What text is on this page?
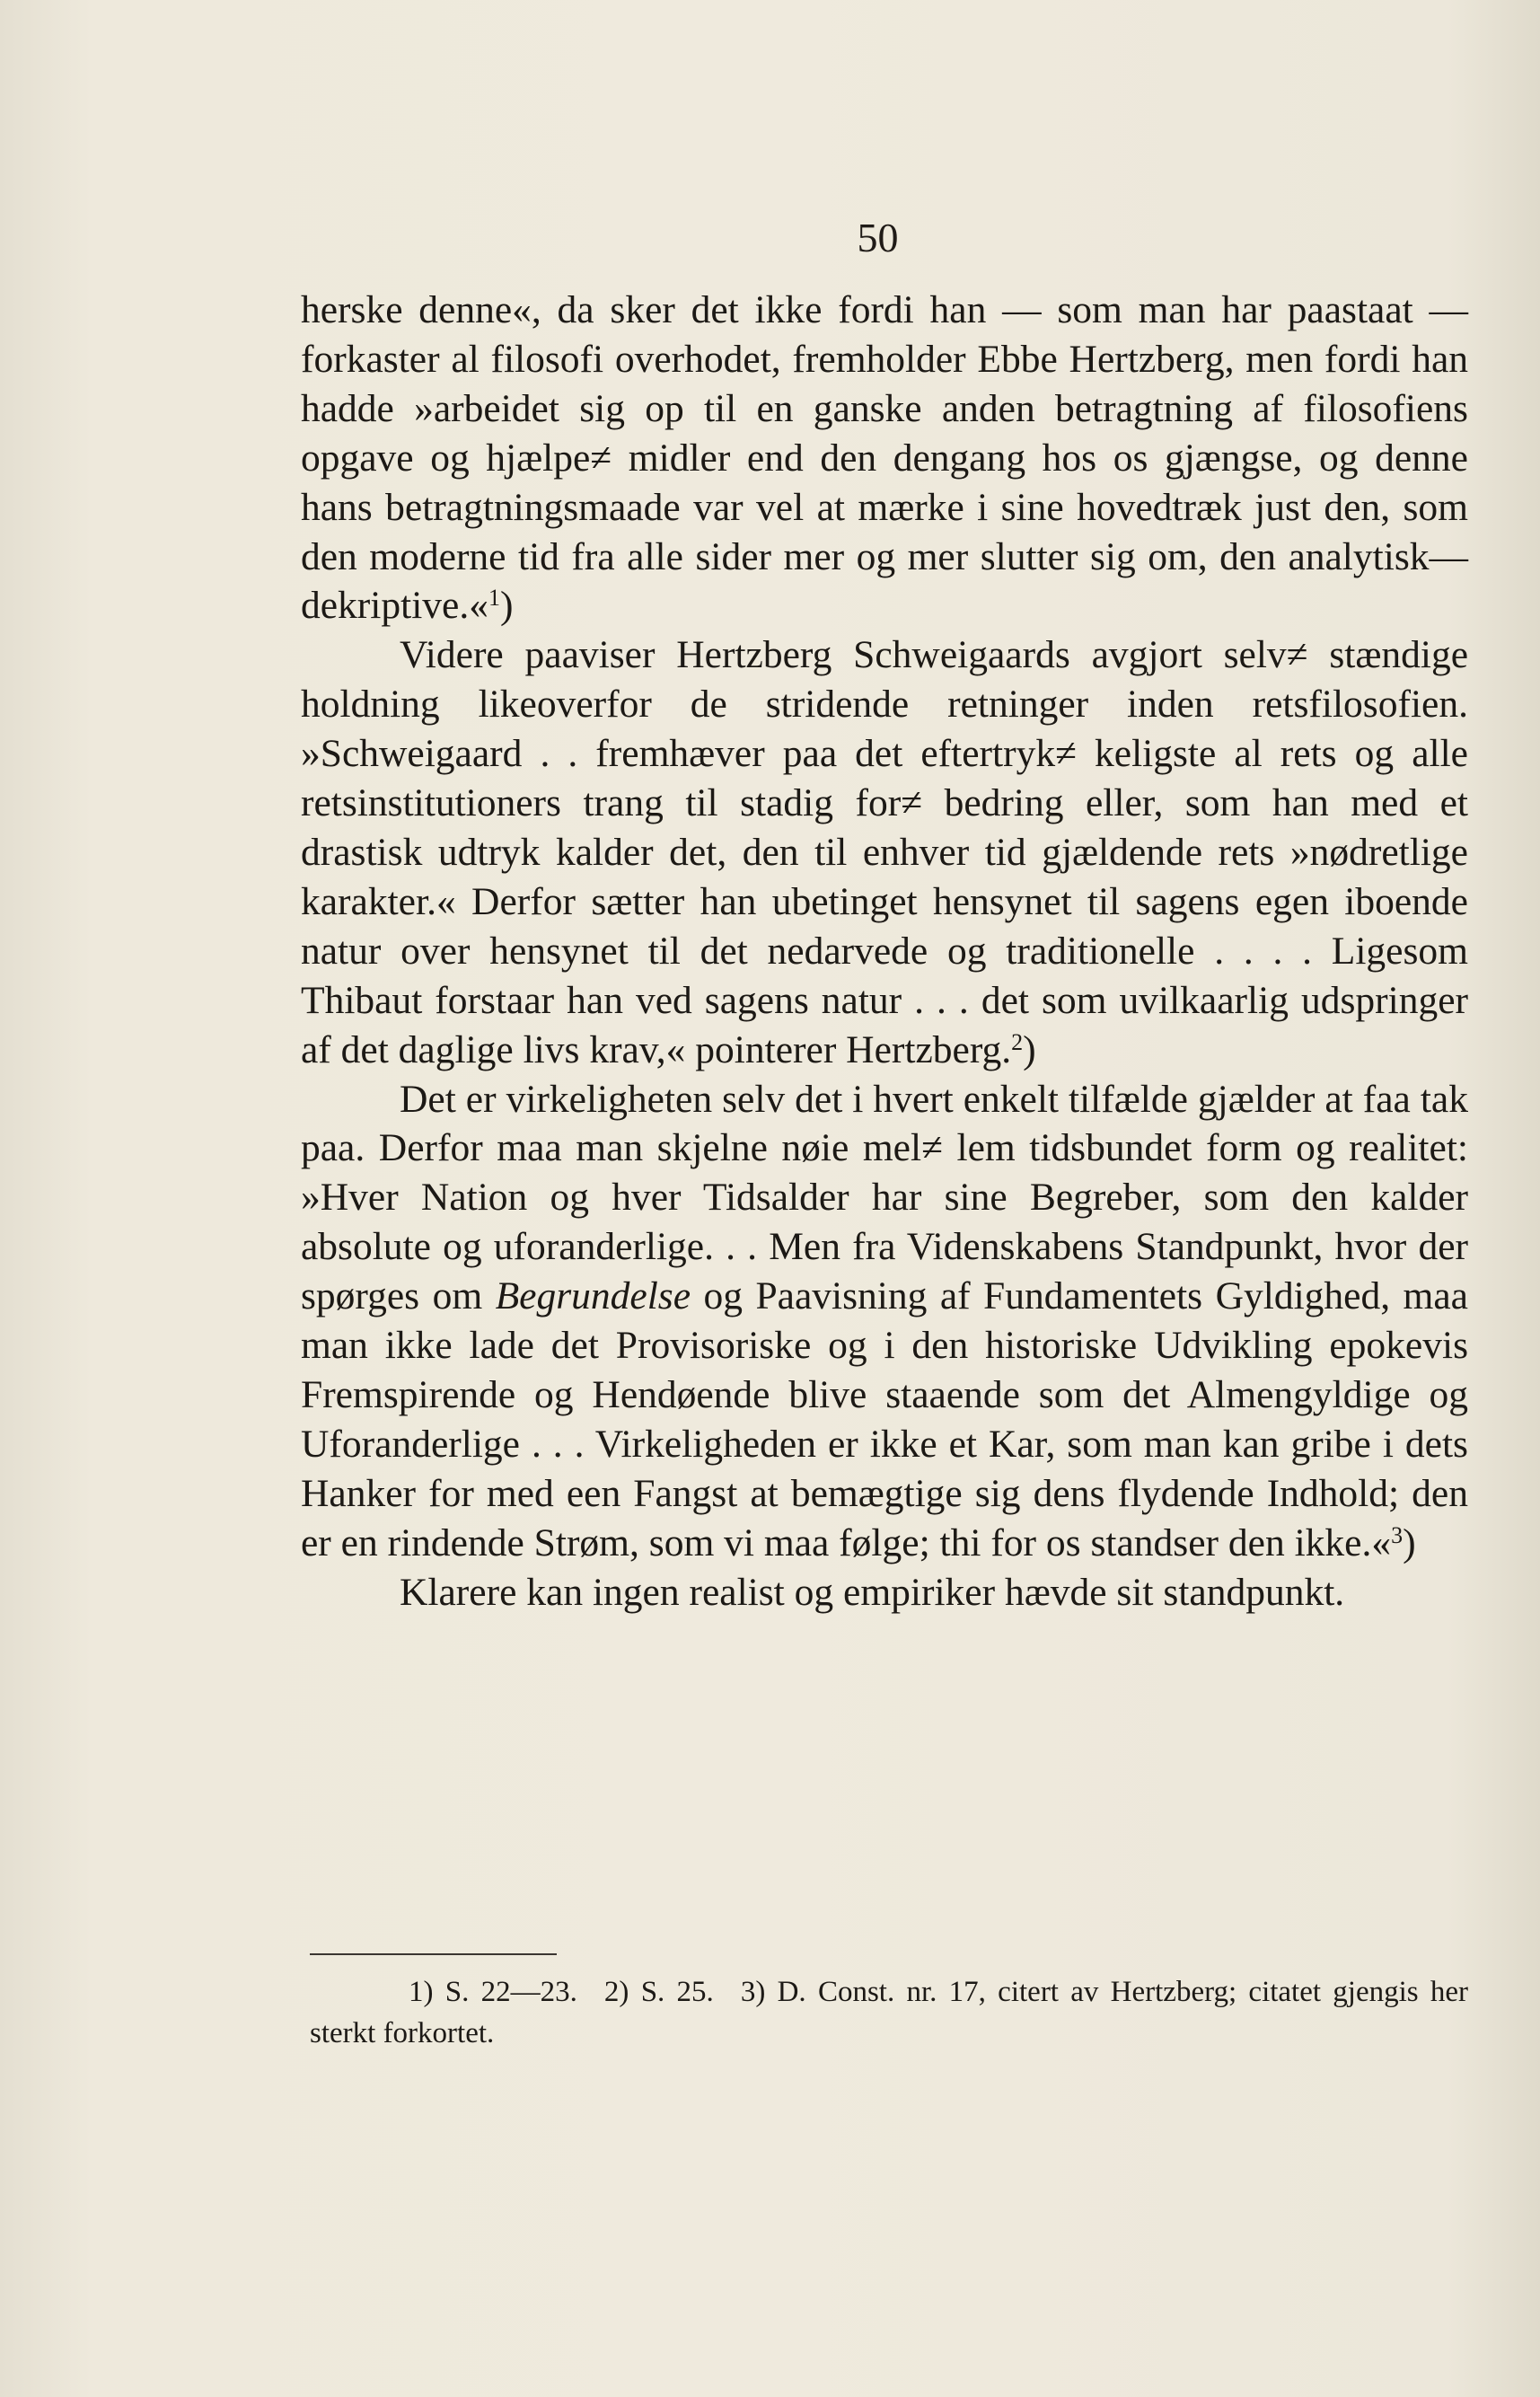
50

herske denne«, da sker det ikke fordi han — som man har paastaat — forkaster al filosofi overhodet, fremholder Ebbe Hertzberg, men fordi han hadde »arbeidet sig op til en ganske anden betragtning af filosofiens opgave og hjælpe≠ midler end den dengang hos os gjængse, og denne hans betragtningsmaade var vel at mærke i sine hovedtræk just den, som den moderne tid fra alle sider mer og mer slutter sig om, den analytisk—dekriptive.«$^1$)

Videre paaviser Hertzberg Schweigaards avgjort selv≠ stændige holdning likeoverfor de stridende retninger inden retsfilosofien. »Schweigaard . . fremhæver paa det eftertryk≠ keligste al rets og alle retsinstitutioners trang til stadig for≠ bedring eller, som han med et drastisk udtryk kalder det, den til enhver tid gjældende rets »nødretlige karakter.« Derfor sætter han ubetinget hensynet til sagens egen iboende natur over hensynet til det nedarvede og traditionelle . . . . Ligesom Thibaut forstaar han ved sagens natur . . . det som uvilkaarlig udspringer af det daglige livs krav,« pointerer Hertzberg.$^2$)

Det er virkeligheten selv det i hvert enkelt tilfælde gjælder at faa tak paa. Derfor maa man skjelne nøie mel≠ lem tidsbundet form og realitet: »Hver Nation og hver Tidsalder har sine Begreber, som den kalder absolute og uforanderlige. . . Men fra Videnskabens Standpunkt, hvor der spørges om Begrundelse og Paavisning af Fundamentets Gyldighed, maa man ikke lade det Provisoriske og i den historiske Udvikling epokevis Fremspirende og Hendøende blive staaende som det Almengyldige og Uforanderlige . . . Virkeligheden er ikke et Kar, som man kan gribe i dets Hanker for med een Fangst at bemægtige sig dens flydende Indhold; den er en rindende Strøm, som vi maa følge; thi for os standser den ikke.«$^3$)

Klarere kan ingen realist og empiriker hævde sit standpunkt.

1) S. 22—23. 2) S. 25. 3) D. Const. nr. 17, citert av Hertzberg; citatet gjengis her sterkt forkortet.
